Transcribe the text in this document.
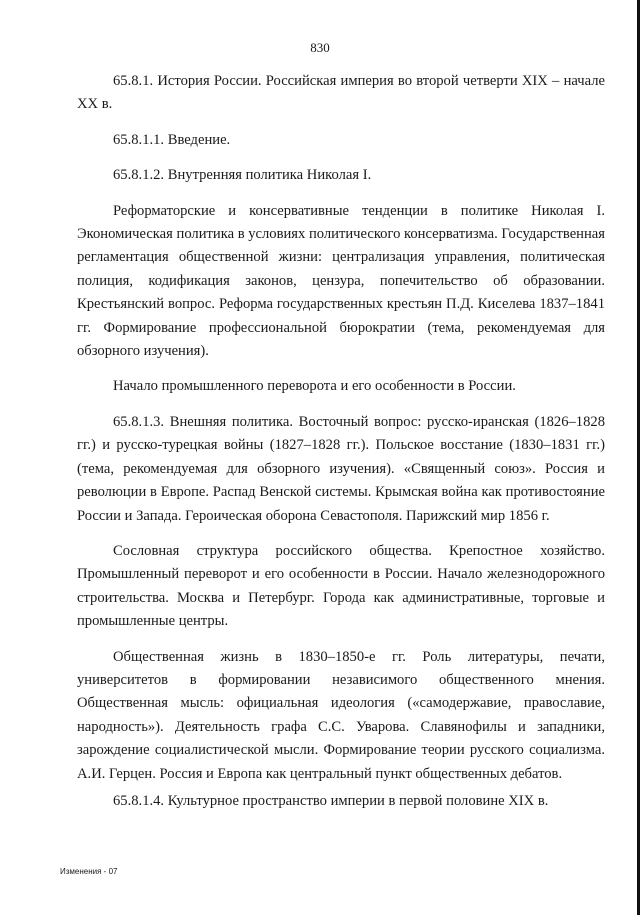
830

65.8.1. История России. Российская империя во второй четверти XIX – начале XX в.

65.8.1.1. Введение.

65.8.1.2. Внутренняя политика Николая I.

Реформаторские и консервативные тенденции в политике Николая I. Экономическая политика в условиях политического консерватизма. Государственная регламентация общественной жизни: централизация управления, политическая полиция, кодификация законов, цензура, попечительство об образовании. Крестьянский вопрос. Реформа государственных крестьян П.Д. Киселева 1837–1841 гг. Формирование профессиональной бюрократии (тема, рекомендуемая для обзорного изучения).

Начало промышленного переворота и его особенности в России.

65.8.1.3. Внешняя политика. Восточный вопрос: русско-иранская (1826–1828 гг.) и русско-турецкая войны (1827–1828 гг.). Польское восстание (1830–1831 гг.) (тема, рекомендуемая для обзорного изучения). «Священный союз». Россия и революции в Европе. Распад Венской системы. Крымская война как противостояние России и Запада. Героическая оборона Севастополя. Парижский мир 1856 г.

Сословная структура российского общества. Крепостное хозяйство. Промышленный переворот и его особенности в России. Начало железнодорожного строительства. Москва и Петербург. Города как административные, торговые и промышленные центры.

Общественная жизнь в 1830–1850-е гг. Роль литературы, печати, университетов в формировании независимого общественного мнения. Общественная мысль: официальная идеология («самодержавие, православие, народность»). Деятельность графа С.С. Уварова. Славянофилы и западники, зарождение социалистической мысли. Формирование теории русского социализма. А.И. Герцен. Россия и Европа как центральный пункт общественных дебатов.

65.8.1.4. Культурное пространство империи в первой половине XIX в.

Изменения - 07
